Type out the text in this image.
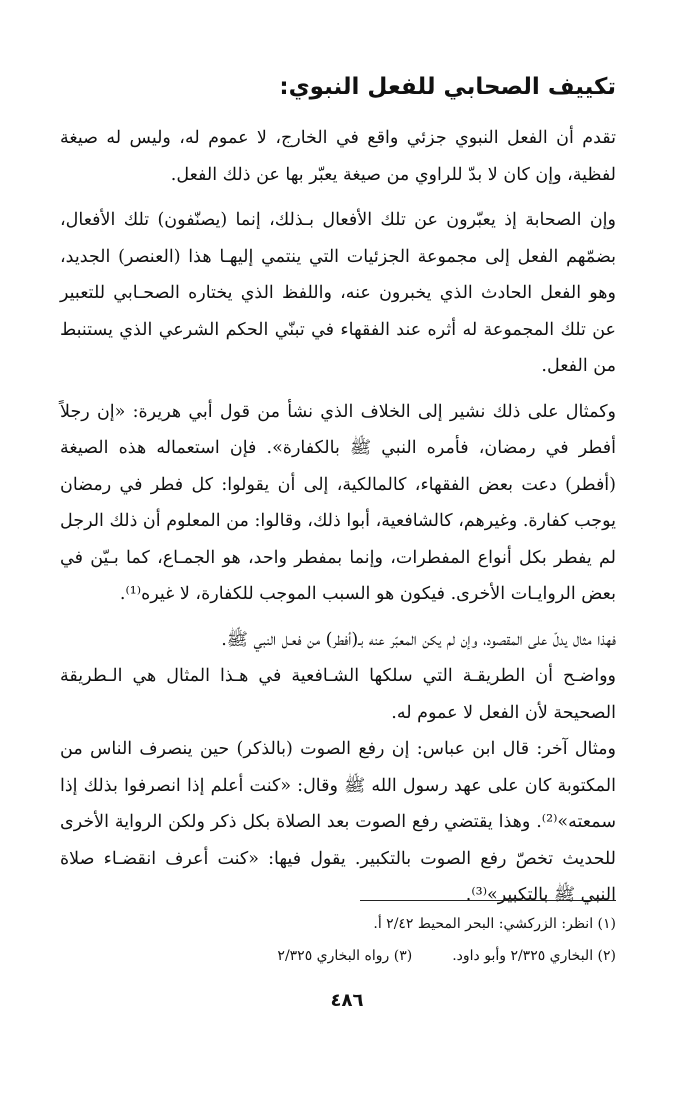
تكييف الصحابي للفعل النبوي:

تقدم أن الفعل النبوي جزئي واقع في الخارج، لا عموم له، وليس له صيغة لفظية، وإن كان لا بدّ للراوي من صيغة يعبّر بها عن ذلك الفعل.

وإن الصحابة إذ يعبّرون عن تلك الأفعال بـذلك، إنما (يصنّفون) تلك الأفعال، بضمّهم الفعل إلى مجموعة الجزئيات التي ينتمي إليهـا هذا (العنصر) الجديد، وهو الفعل الحادث الذي يخبرون عنه، واللفظ الذي يختاره الصحـابي للتعبير عن تلك المجموعة له أثره عند الفقهاء في تبنّي الحكم الشرعي الذي يستنبط من الفعل.

وكمثال على ذلك نشير إلى الخلاف الذي نشأ من قول أبي هريرة: «إن رجلاً أفطر في رمضان، فأمره النبي ﷺ بالكفارة». فإن استعماله هذه الصيغة (أفطر) دعت بعض الفقهاء، كالمالكية، إلى أن يقولوا: كل فطر في رمضان يوجب كفارة. وغيرهم، كالشافعية، أبوا ذلك، وقالوا: من المعلوم أن ذلك الرجل لم يفطر بكل أنواع المفطرات، وإنما بمفطر واحد، هو الجمـاع، كما بـيّن في بعض الروايـات الأخرى. فيكون هو السبب الموجب للكفارة، لا غيره⁽¹⁾.

فهذا مثال يدلّ على المقصود، وإن لم يكن المعبّر عنه بـ(أفطر) من فعـل النبي ﷺ.

وواضـح أن الطريقـة التي سلكها الشـافعية في هـذا المثال هي الـطريقة الصحيحة لأن الفعل لا عموم له.

ومثال آخر: قال ابن عباس: إن رفع الصوت (بالذكر) حين ينصرف الناس من المكتوبة كان على عهد رسول الله ﷺ وقال: «كنت أعلم إذا انصرفوا بذلك إذا سمعته»⁽²⁾. وهذا يقتضي رفع الصوت بعد الصلاة بكل ذكر ولكن الرواية الأخرى للحديث تخصّ رفع الصوت بالتكبير. يقول فيها: «كنت أعرف انقضـاء صلاة النبي ﷺ بالتكبير»⁽³⁾.

(١) انظر: الزركشي: البحر المحيط ٢/٤٢ أ.
(٢) البخاري ٢/٣٢٥ وأبو داود.
(٣) رواه البخاري ٢/٣٢٥
٤٨٦
